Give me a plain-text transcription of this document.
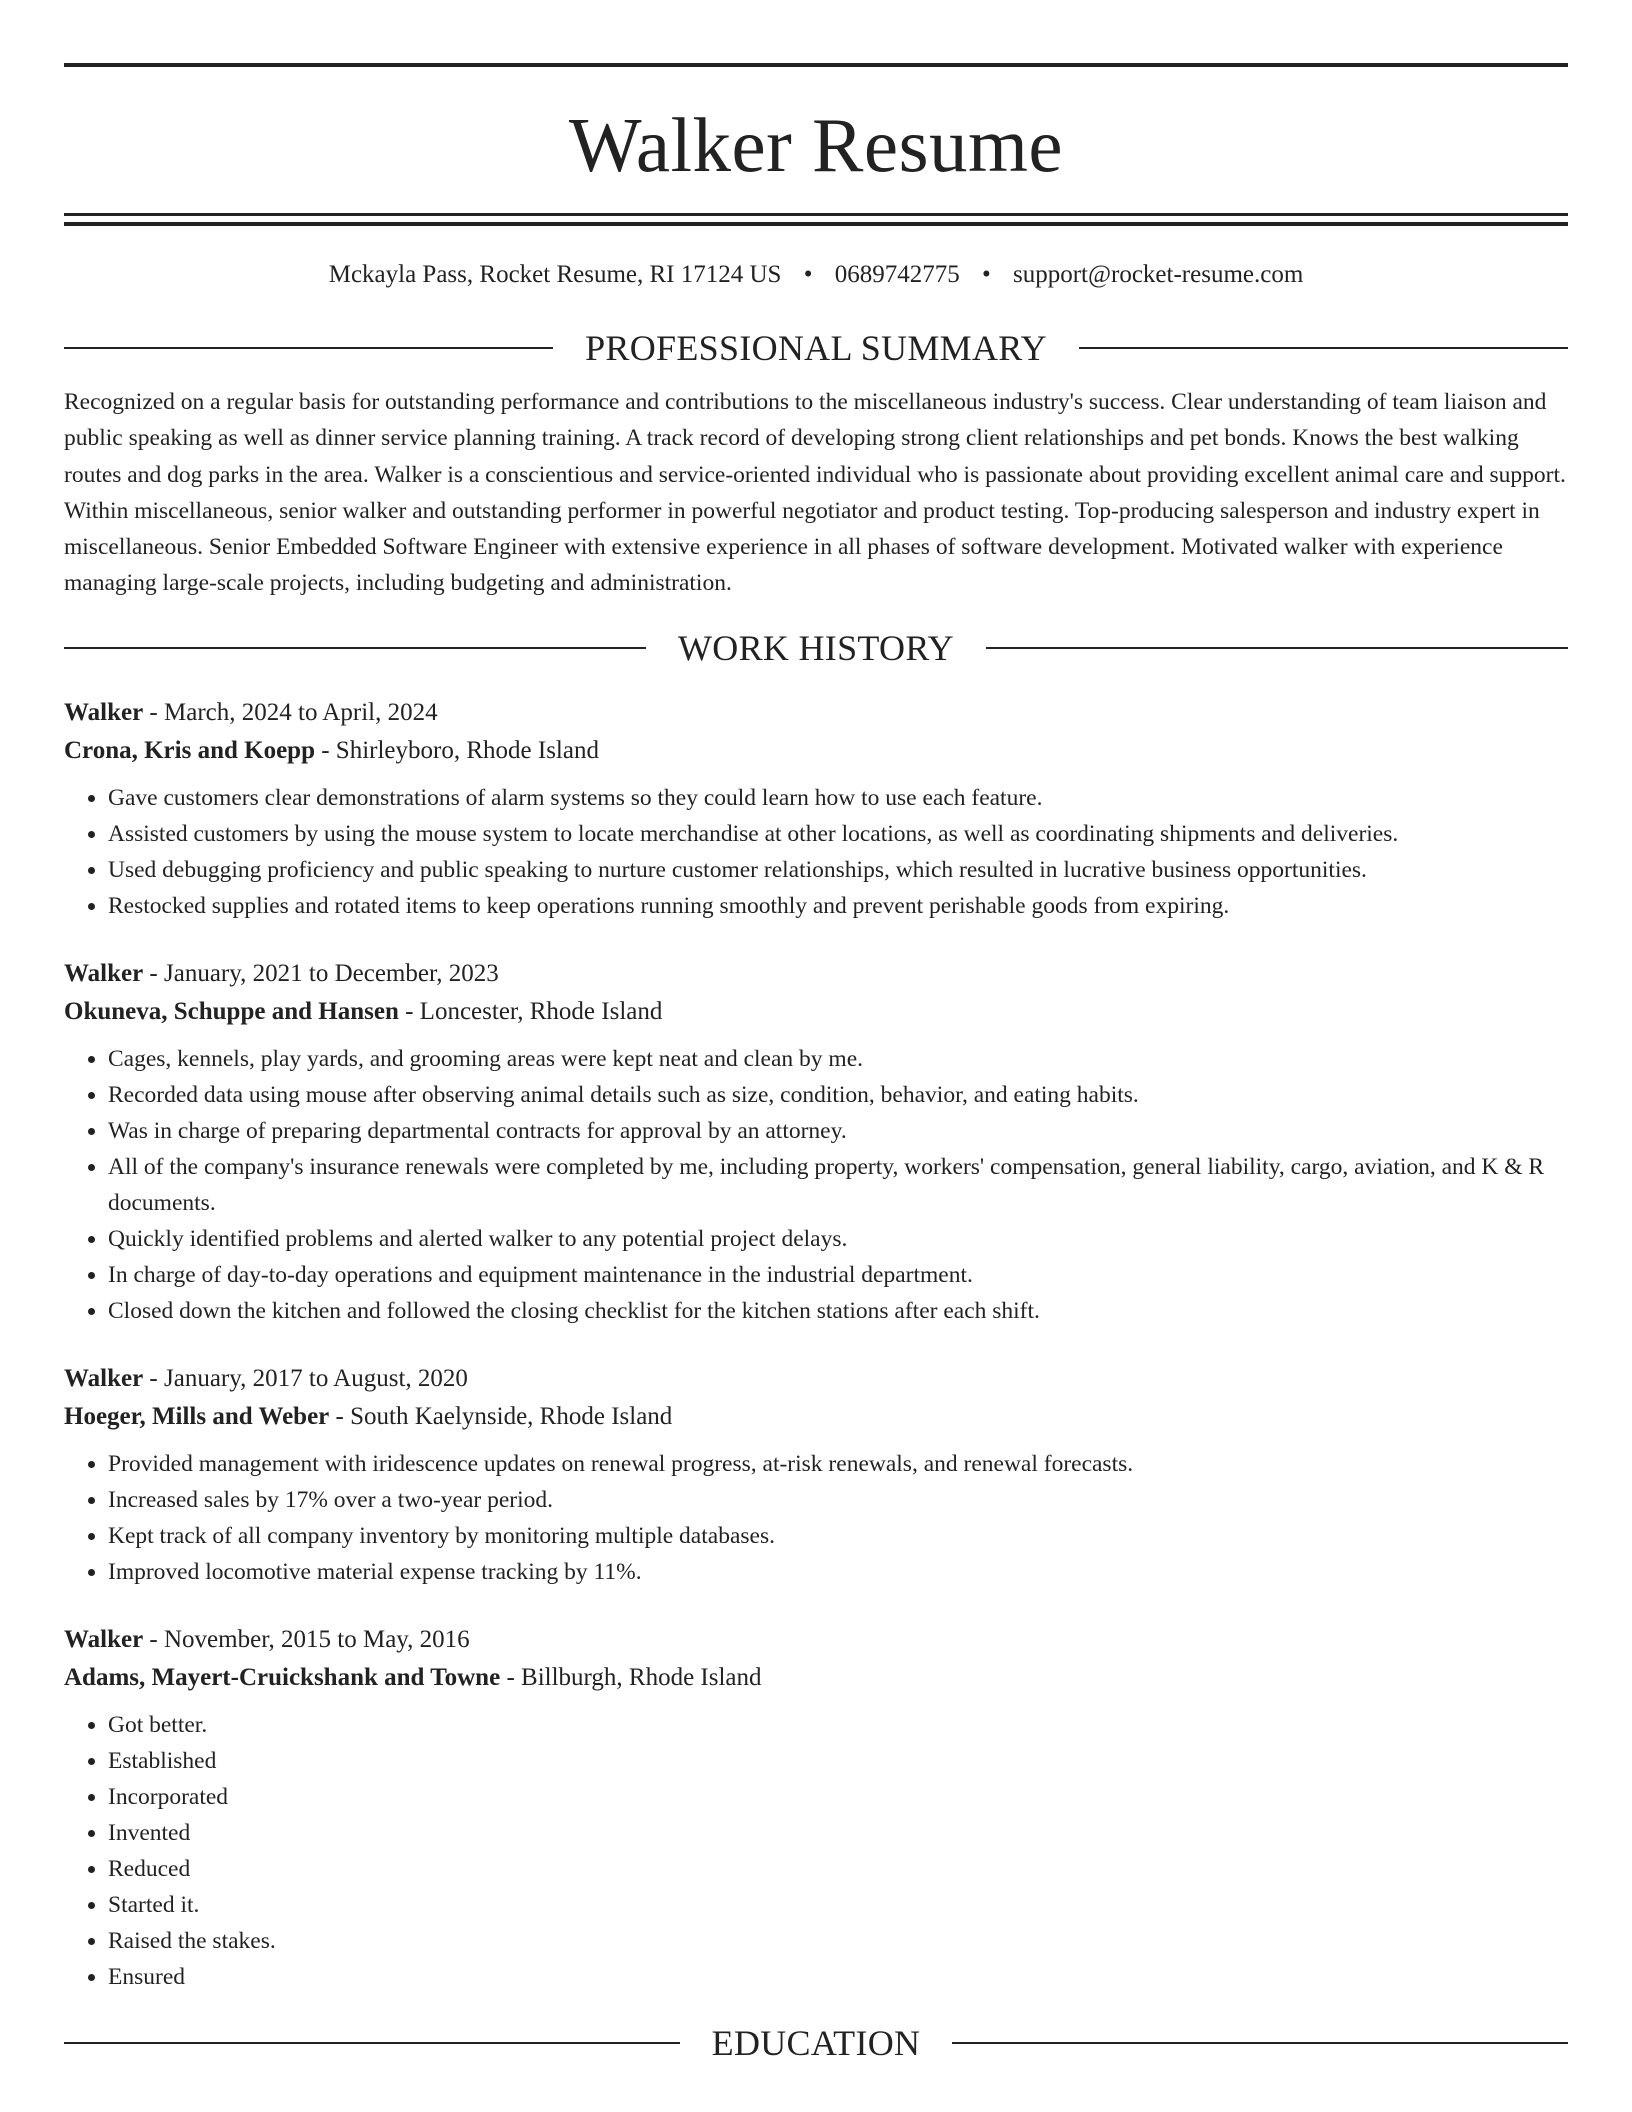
Walker Resume
Mckayla Pass, Rocket Resume, RI 17124 US • 0689742775 • support@rocket-resume.com
PROFESSIONAL SUMMARY

Recognized on a regular basis for outstanding performance and contributions to the miscellaneous industry's success. Clear understanding of team liaison and public speaking as well as dinner service planning training. A track record of developing strong client relationships and pet bonds. Knows the best walking routes and dog parks in the area. Walker is a conscientious and service-oriented individual who is passionate about providing excellent animal care and support. Within miscellaneous, senior walker and outstanding performer in powerful negotiator and product testing. Top-producing salesperson and industry expert in miscellaneous. Senior Embedded Software Engineer with extensive experience in all phases of software development. Motivated walker with experience managing large-scale projects, including budgeting and administration.

WORK HISTORY
Walker - March, 2024 to April, 2024
Crona, Kris and Koepp - Shirleyboro, Rhode Island
• Gave customers clear demonstrations of alarm systems so they could learn how to use each feature.
• Assisted customers by using the mouse system to locate merchandise at other locations, as well as coordinating shipments and deliveries.
• Used debugging proficiency and public speaking to nurture customer relationships, which resulted in lucrative business opportunities.
• Restocked supplies and rotated items to keep operations running smoothly and prevent perishable goods from expiring.
Walker - January, 2021 to December, 2023
Okuneva, Schuppe and Hansen - Loncester, Rhode Island
• Cages, kennels, play yards, and grooming areas were kept neat and clean by me.
• Recorded data using mouse after observing animal details such as size, condition, behavior, and eating habits.
• Was in charge of preparing departmental contracts for approval by an attorney.
• All of the company's insurance renewals were completed by me, including property, workers' compensation, general liability, cargo, aviation, and K & R documents.
• Quickly identified problems and alerted walker to any potential project delays.
• In charge of day-to-day operations and equipment maintenance in the industrial department.
• Closed down the kitchen and followed the closing checklist for the kitchen stations after each shift.
Walker - January, 2017 to August, 2020
Hoeger, Mills and Weber - South Kaelynside, Rhode Island
• Provided management with iridescence updates on renewal progress, at-risk renewals, and renewal forecasts.
• Increased sales by 17% over a two-year period.
• Kept track of all company inventory by monitoring multiple databases.
• Improved locomotive material expense tracking by 11%.
Walker - November, 2015 to May, 2016
Adams, Mayert-Cruickshank and Towne - Billburgh, Rhode Island
• Got better.
• Established
• Incorporated
• Invented
• Reduced
• Started it.
• Raised the stakes.
• Ensured
EDUCATION
